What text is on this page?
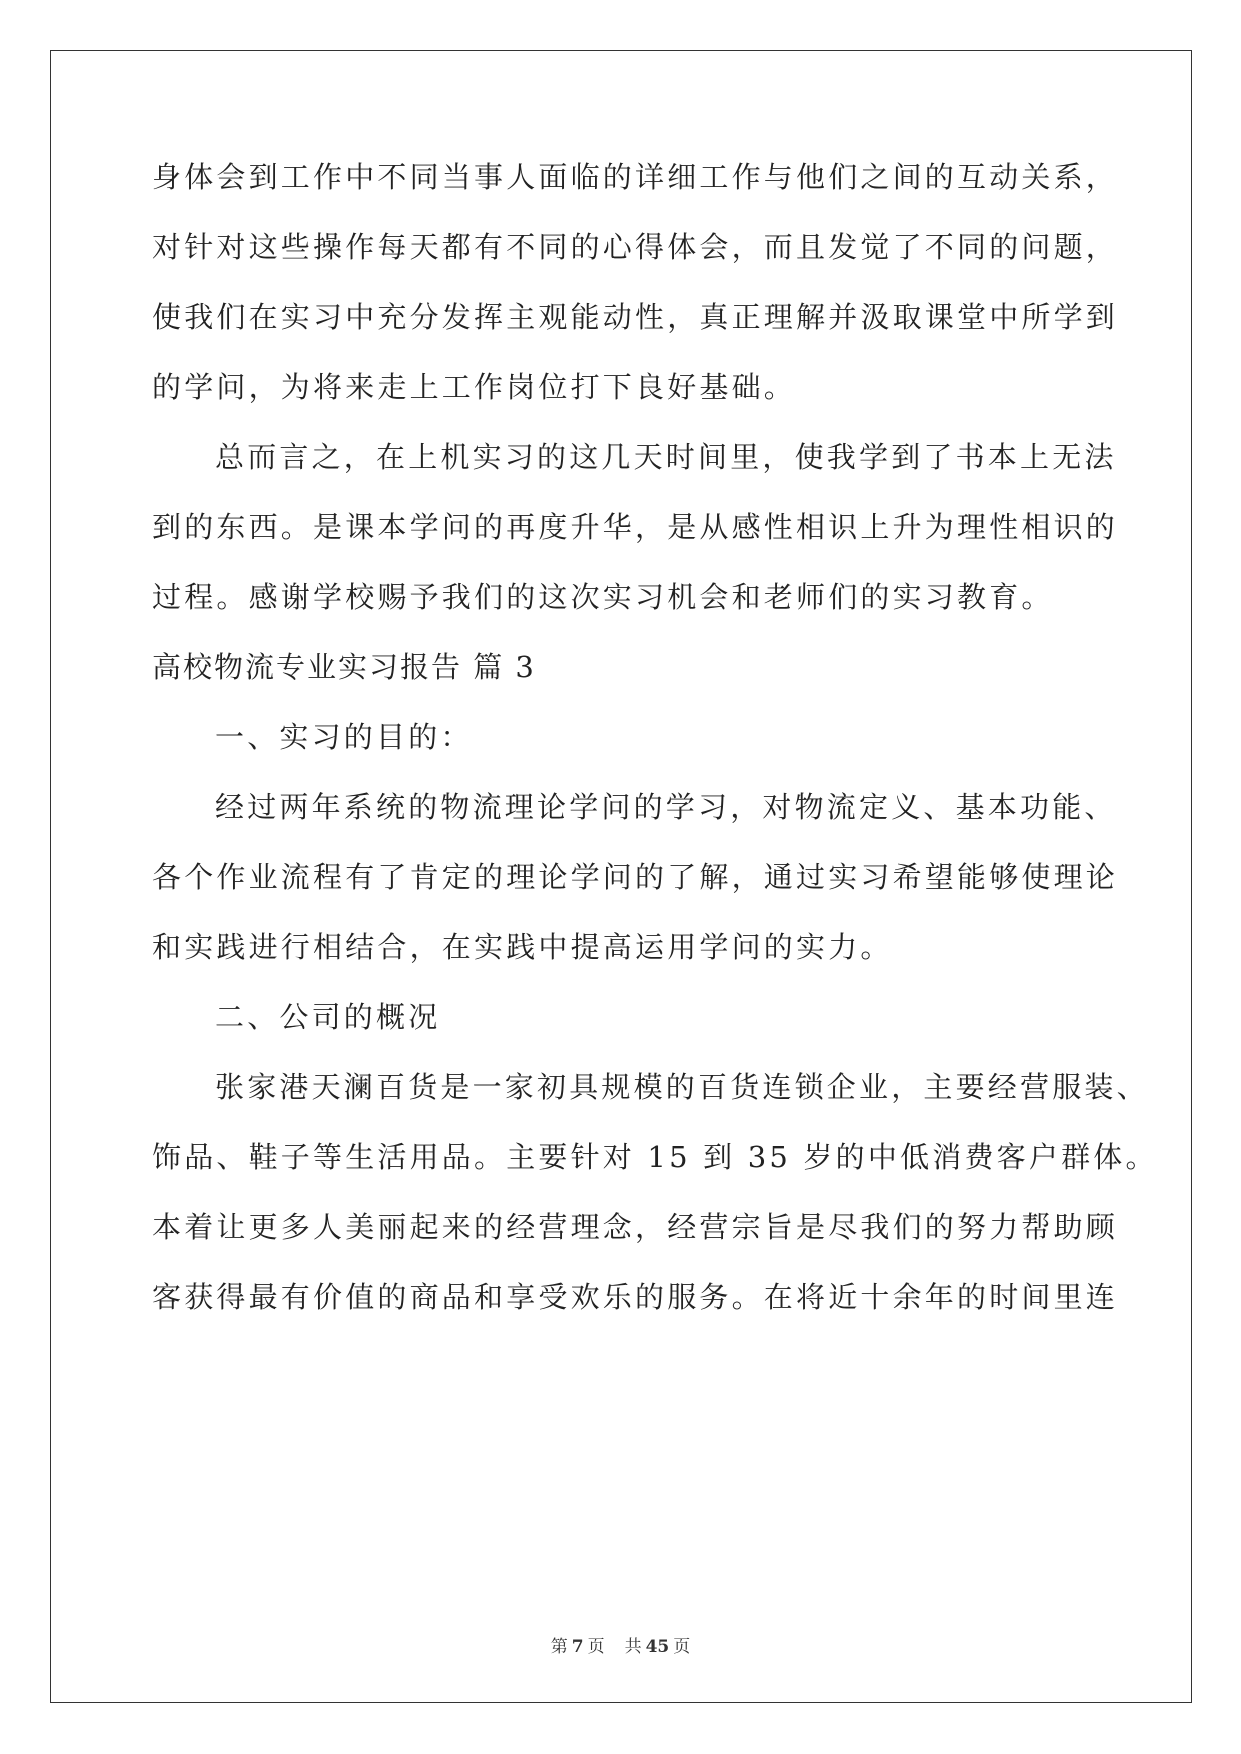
身体会到工作中不同当事人面临的详细工作与他们之间的互动关系，
对针对这些操作每天都有不同的心得体会，而且发觉了不同的问题，
使我们在实习中充分发挥主观能动性，真正理解并汲取课堂中所学到
的学问，为将来走上工作岗位打下良好基础。
总而言之，在上机实习的这几天时间里，使我学到了书本上无法
到的东西。是课本学问的再度升华，是从感性相识上升为理性相识的
过程。感谢学校赐予我们的这次实习机会和老师们的实习教育。
高校物流专业实习报告 篇 3
一、实习的目的：
经过两年系统的物流理论学问的学习，对物流定义、基本功能、
各个作业流程有了肯定的理论学问的了解，通过实习希望能够使理论
和实践进行相结合，在实践中提高运用学问的实力。
二、公司的概况
张家港天澜百货是一家初具规模的百货连锁企业，主要经营服装、
饰品、鞋子等生活用品。主要针对 15 到 35 岁的中低消费客户群体。
本着让更多人美丽起来的经营理念，经营宗旨是尽我们的努力帮助顾
客获得最有价值的商品和享受欢乐的服务。在将近十余年的时间里连
第 7 页 共 45 页
